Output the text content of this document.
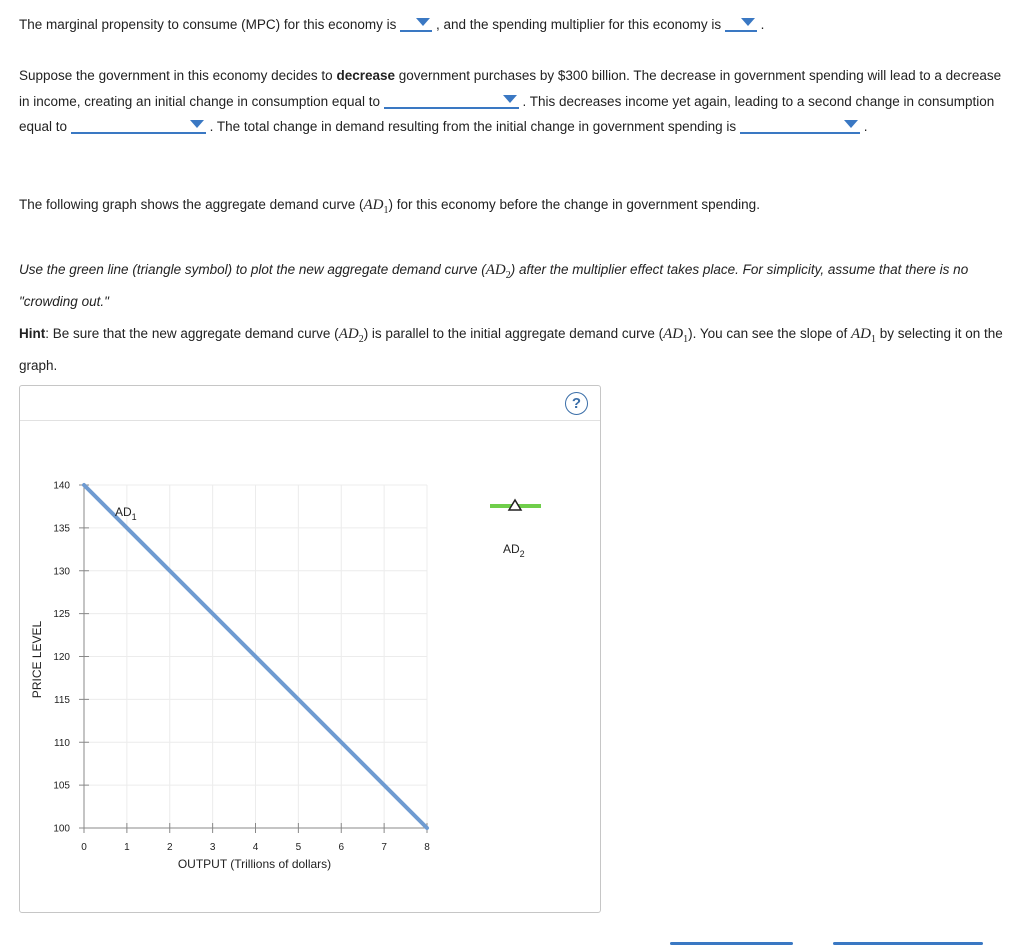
The marginal propensity to consume (MPC) for this economy is	, and the spending multiplier for this economy is	.

Suppose the government in this economy decides to decrease government purchases by $300 billion. The decrease in government spending will lead to a decrease in income, creating an initial change in consumption equal to	. This decreases income yet again, leading to a second change in consumption equal to	. The total change in demand resulting from the initial change in government spending is	.

The following graph shows the aggregate demand curve $(AD_1)$ for this economy before the change in government spending.

Use the green line (triangle symbol) to plot the new aggregate demand curve $(AD_2)$ after the multiplier effect takes place. For simplicity, assume that there is no "crowding out."

Hint: Be sure that the new aggregate demand curve $(AD_2)$ is parallel to the initial aggregate demand curve $(AD_1)$. You can see the slope of $AD_1$ by selecting it on the graph.

?
0	1	2	3	4	5	6	7	8
100
105
110
115
120
125
130
135
140
OUTPUT (Trillions of dollars)
PRICE LEVEL
$AD_1$
$AD_2$
